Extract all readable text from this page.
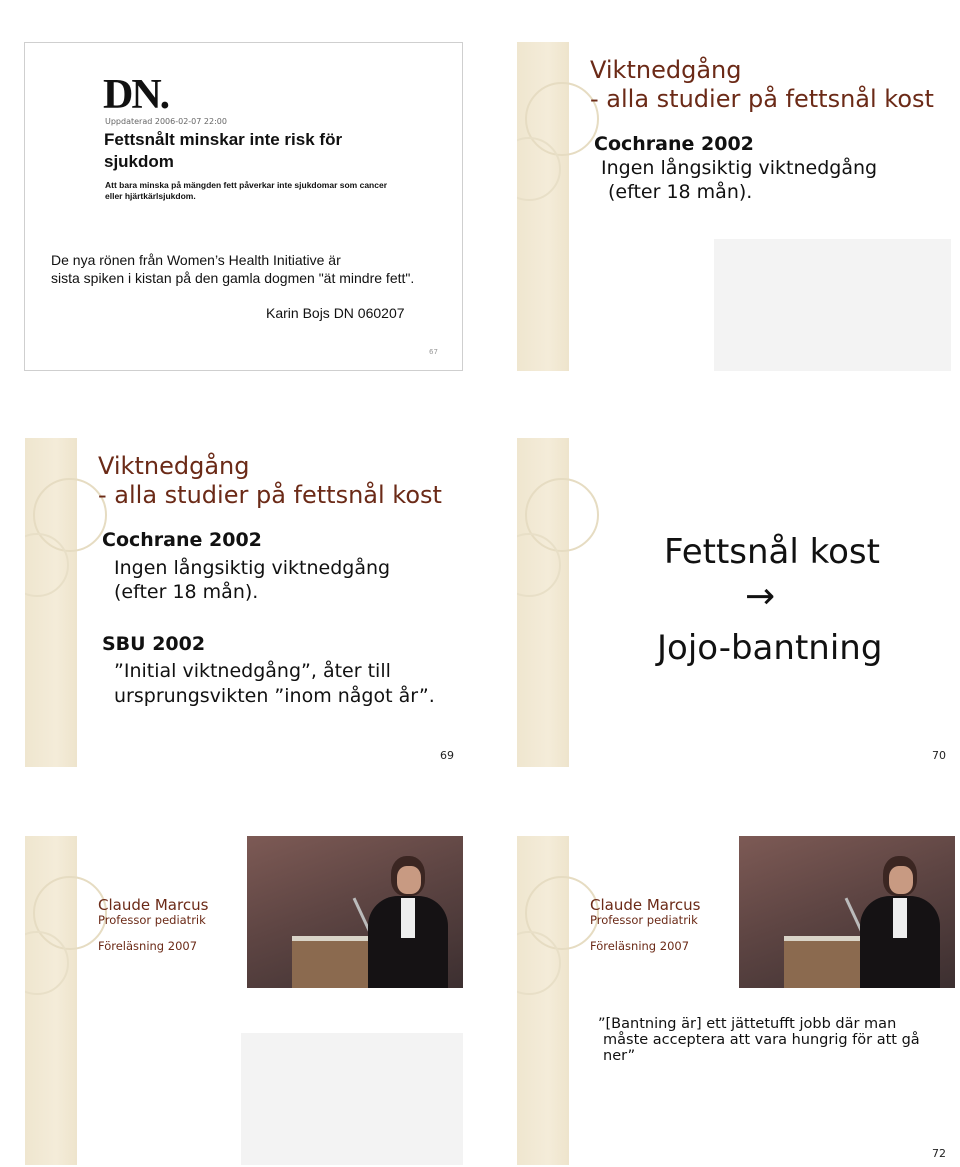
DN.
Uppdaterad 2006-02-07 22:00
Fettsnålt minskar inte risk för sjukdom
Att bara minska på mängden fett påverkar inte sjukdomar som cancer eller hjärtkärlsjukdom.
De nya rönen från Women’s Health Initiative är
sista spiken i kistan på den gamla dogmen "ät mindre fett".
Karin Bojs DN 060207
67
Viktnedgång
- alla studier på fettsnål kost
Cochrane 2002
Ingen långsiktig viktnedgång
(efter 18 mån).
Viktnedgång
- alla studier på fettsnål kost
Cochrane 2002
Ingen långsiktig viktnedgång
(efter 18 mån).
SBU 2002
”Initial viktnedgång”, åter till
ursprungsvikten ”inom något år”.
69
Fettsnål kost
→
Jojo-bantning
70
Claude Marcus
Professor pediatrik
Föreläsning 2007
Claude Marcus
Professor pediatrik
Föreläsning 2007
”[Bantning är] ett jättetufft jobb där man
måste acceptera att vara hungrig för att gå
ner”
72
